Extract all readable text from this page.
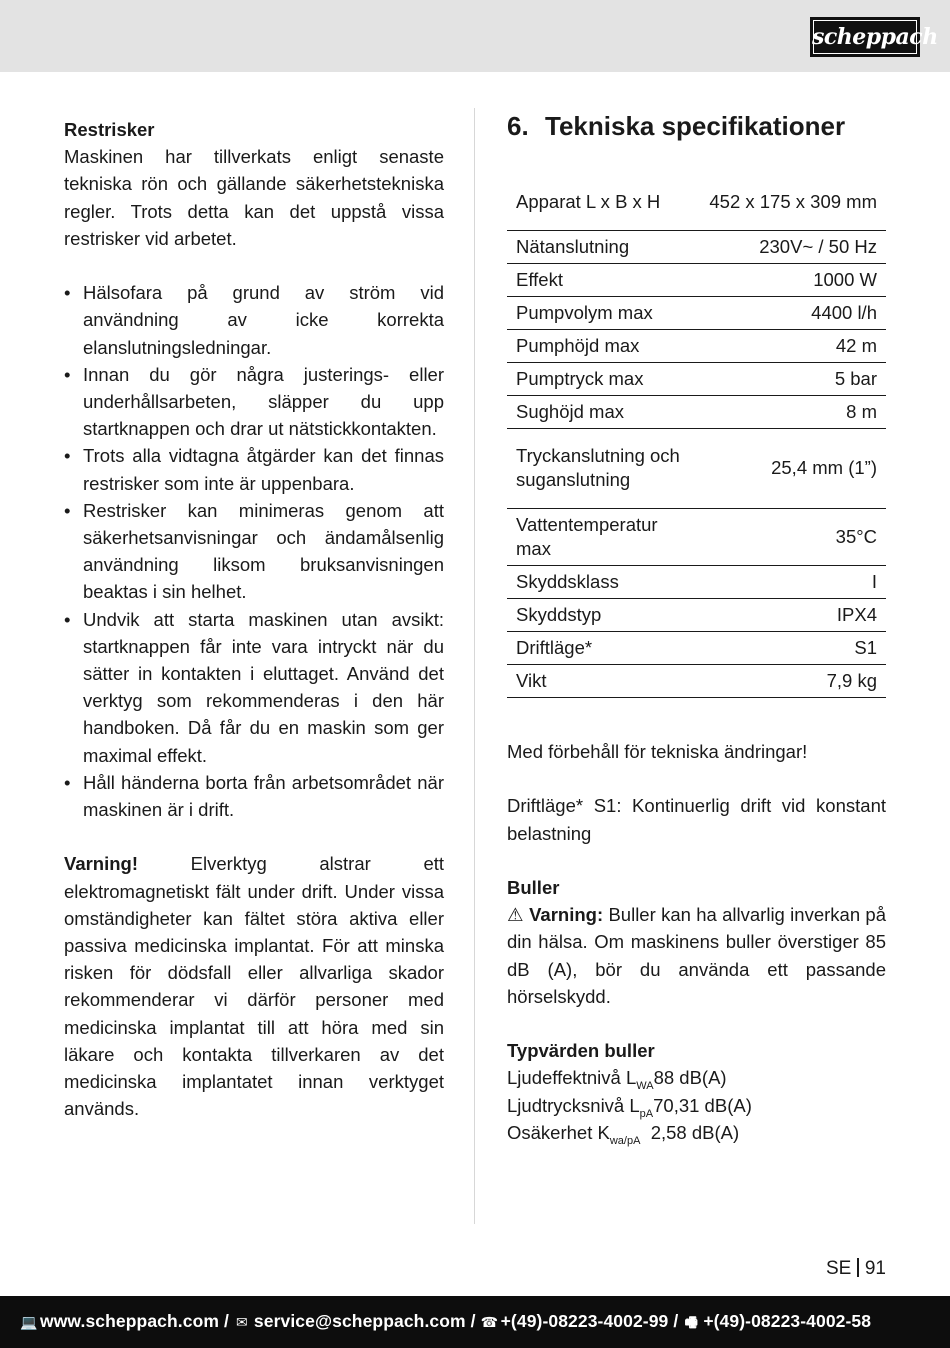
scheppach

Restrisker

Maskinen har tillverkats enligt senaste tekniska rön och gällande säkerhetstekniska regler. Trots detta kan det uppstå vissa restrisker vid arbetet.

• Hälsofara på grund av ström vid användning av icke korrekta elanslutningsledningar.
• Innan du gör några justerings- eller underhållsarbeten, släpper du upp startknappen och drar ut nätstickkontakten.
• Trots alla vidtagna åtgärder kan det finnas restrisker som inte är uppenbara.
• Restrisker kan minimeras genom att säkerhetsanvisningar och ändamålsenlig användning liksom bruksanvisningen beaktas i sin helhet.
• Undvik att starta maskinen utan avsikt: startknappen får inte vara intryckt när du sätter in kontakten i eluttaget. Använd det verktyg som rekommenderas i den här handboken. Då får du en maskin som ger maximal effekt.
• Håll händerna borta från arbetsområdet när maskinen är i drift.

Varning!	Elverktyg alstrar ett elektromagnetiskt fält under drift. Under vissa omständigheter kan fältet störa aktiva eller passiva medicinska implantat. För att minska risken för dödsfall eller allvarliga skador rekommenderar vi därför personer med medicinska implantat till att höra med sin läkare och kontakta tillverkaren av det medicinska implantatet innan verktyget används.

6. Tekniska specifikationer
Apparat L x B x H	452 x 175 x 309 mm
Nätanslutning	230V~ / 50 Hz
Effekt	1000 W
Pumpvolym max	4400 l/h
Pumphöjd max	42 m
Pumptryck max	5 bar
Sughöjd max	8 m
Tryckanslutning och suganslutning	25,4 mm (1”)
Vattentemperatur max	35°C
Skyddsklass	I
Skyddstyp	IPX4
Driftläge*	S1
Vikt	7,9 kg

Med förbehåll för tekniska ändringar!

Driftläge* S1: Kontinuerlig drift vid konstant belastning

Buller

⚠ Varning: Buller kan ha allvarlig inverkan på din hälsa. Om maskinens buller överstiger 85 dB (A), bör du använda ett passande hörselskydd.

Typvärden buller

Ljudeffektnivå $L_{WA}88$ dB(A)

Ljudtrycksnivå $L_{pA}70,31$ dB(A)

Osäkerhet $K_{wa/pA}$ 2,58 dB(A)

SE 91
💻 www.scheppach.com / ✉ service@scheppach.com / ☎ +(49)-08223-4002-99 / 🖷 +(49)-08223-4002-58
